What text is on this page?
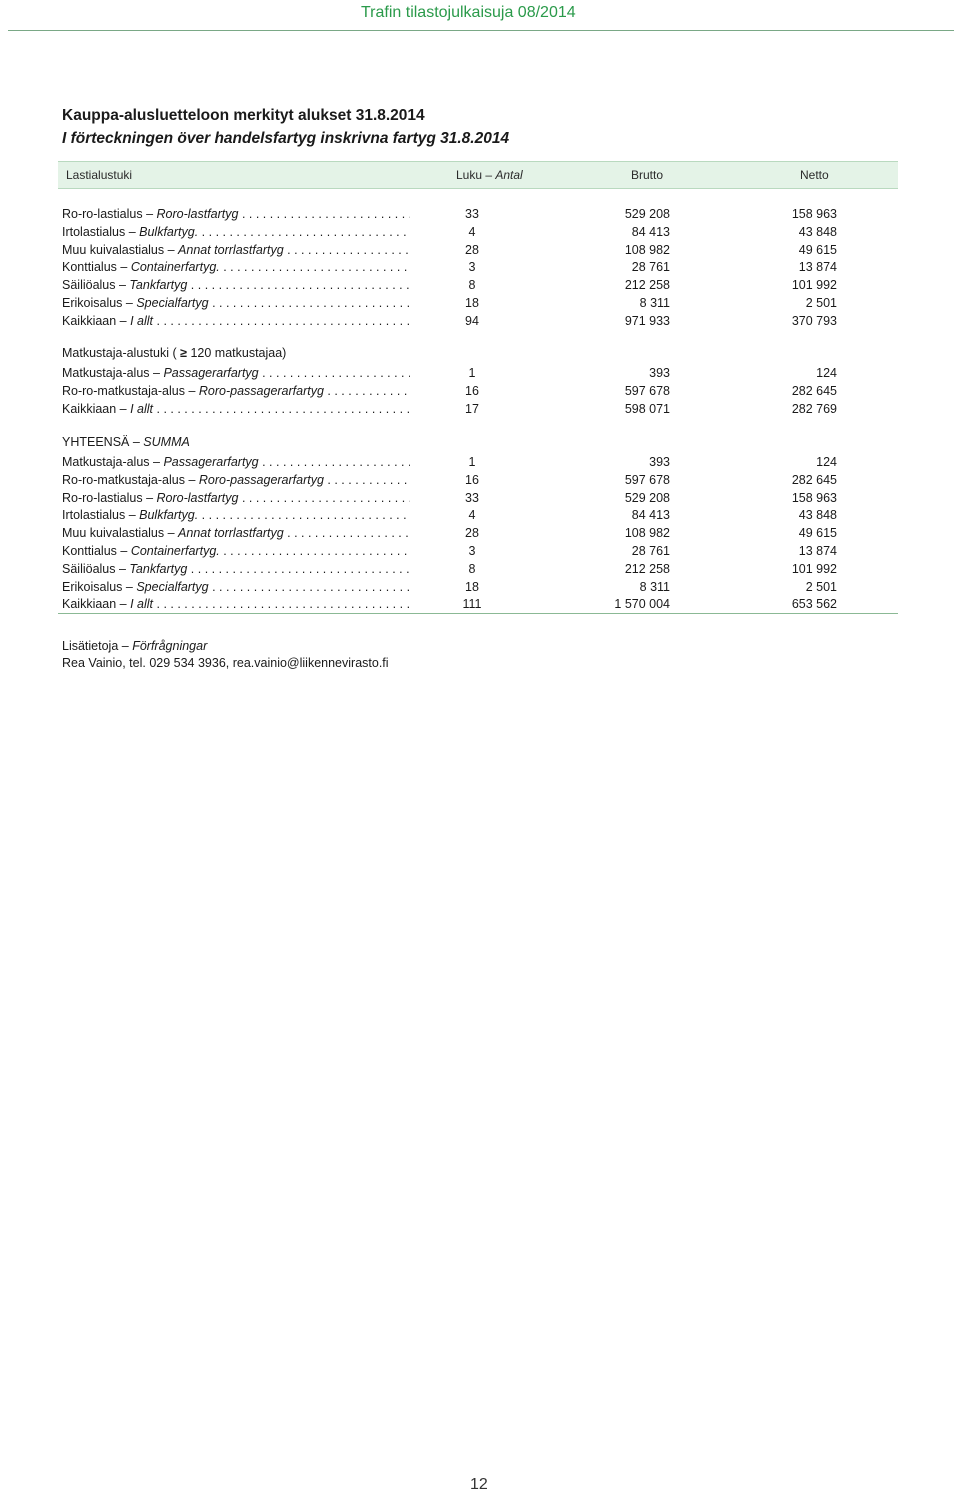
Trafin tilastojulkaisuja 08/2014
Kauppa-alusluetteloon merkityt alukset 31.8.2014
I förteckningen över handelsfartyg inskrivna fartyg 31.8.2014
Lastialustuki	Luku – Antal	Brutto	Netto
Ro-ro-lastialus – Roro-lastfartyg . . .	33	529 208	158 963
Irtolastialus – Bulkfartyg. . . .	4	84 413	43 848
Muu kuivalastialus – Annat torrlastfartyg . . .	28	108 982	49 615
Konttialus – Containerfartyg. . . .	3	28 761	13 874
Säiliöalus – Tankfartyg . . .	8	212 258	101 992
Erikoisalus – Specialfartyg . . .	18	8 311	2 501
Kaikkiaan – I allt . . .	94	971 933	370 793
Matkustaja-alus – Passagerarfartyg . . .	1	393	124
Ro-ro-matkustaja-alus – Roro-passagerarfartyg . . .	16	597 678	282 645
Kaikkiaan – I allt . . .	17	598 071	282 769
Matkustaja-alus – Passagerarfartyg . . .	1	393	124
Ro-ro-matkustaja-alus – Roro-passagerarfartyg . . .	16	597 678	282 645
Ro-ro-lastialus – Roro-lastfartyg . . .	33	529 208	158 963
Irtolastialus – Bulkfartyg. . . .	4	84 413	43 848
Muu kuivalastialus – Annat torrlastfartyg . . .	28	108 982	49 615
Konttialus – Containerfartyg. . . .	3	28 761	13 874
Säiliöalus – Tankfartyg . . .	8	212 258	101 992
Erikoisalus – Specialfartyg . . .	18	8 311	2 501
Kaikkiaan – I allt . . .	111	1 570 004	653 562
Matkustaja-alustuki ( ≥ 120 matkustajaa)
YHTEENSÄ – SUMMA
Lisätietoja – Förfrågningar
Rea Vainio, tel. 029 534 3936, rea.vainio@liikennevirasto.fi
12
